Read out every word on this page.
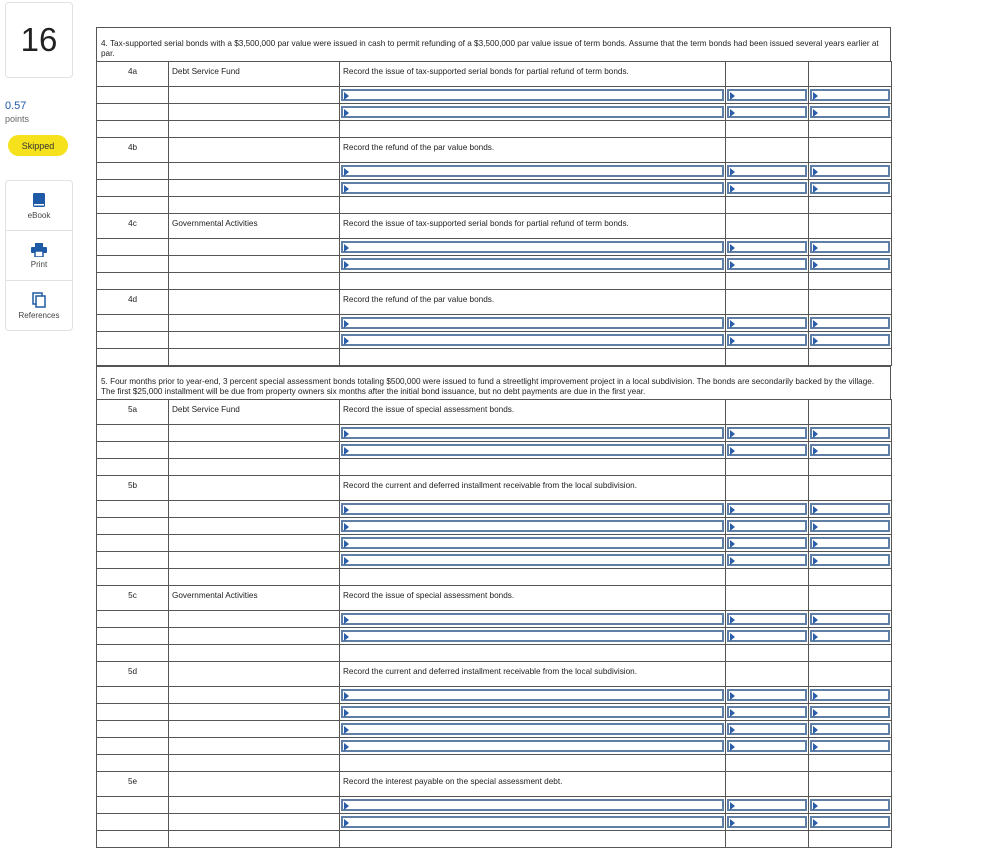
16
0.57
points
Skipped
eBook
Print
References
4. Tax-supported serial bonds with a $3,500,000 par value were issued in cash to permit refunding of a $3,500,000 par value issue of term bonds. Assume that the term bonds had been issued several years earlier at par.
4a	Debt Service Fund	Record the issue of tax-supported serial bonds for partial refund of term bonds.		

4b		Record the refund of the par value bonds.		

4c	Governmental Activities	Record the issue of tax-supported serial bonds for partial refund of term bonds.		

4d		Record the refund of the par value bonds.		

5. Four months prior to year-end, 3 percent special assessment bonds totaling $500,000 were issued to fund a streetlight improvement project in a local subdivision. The bonds are secondarily backed by the village. The first $25,000 installment will be due from property owners six months after the initial bond issuance, but no debt payments are due in the first year.
5a	Debt Service Fund	Record the issue of special assessment bonds.		

5b		Record the current and deferred installment receivable from the local subdivision.		

5c	Governmental Activities	Record the issue of special assessment bonds.		

5d		Record the current and deferred installment receivable from the local subdivision.		

5e		Record the interest payable on the special assessment debt.		
